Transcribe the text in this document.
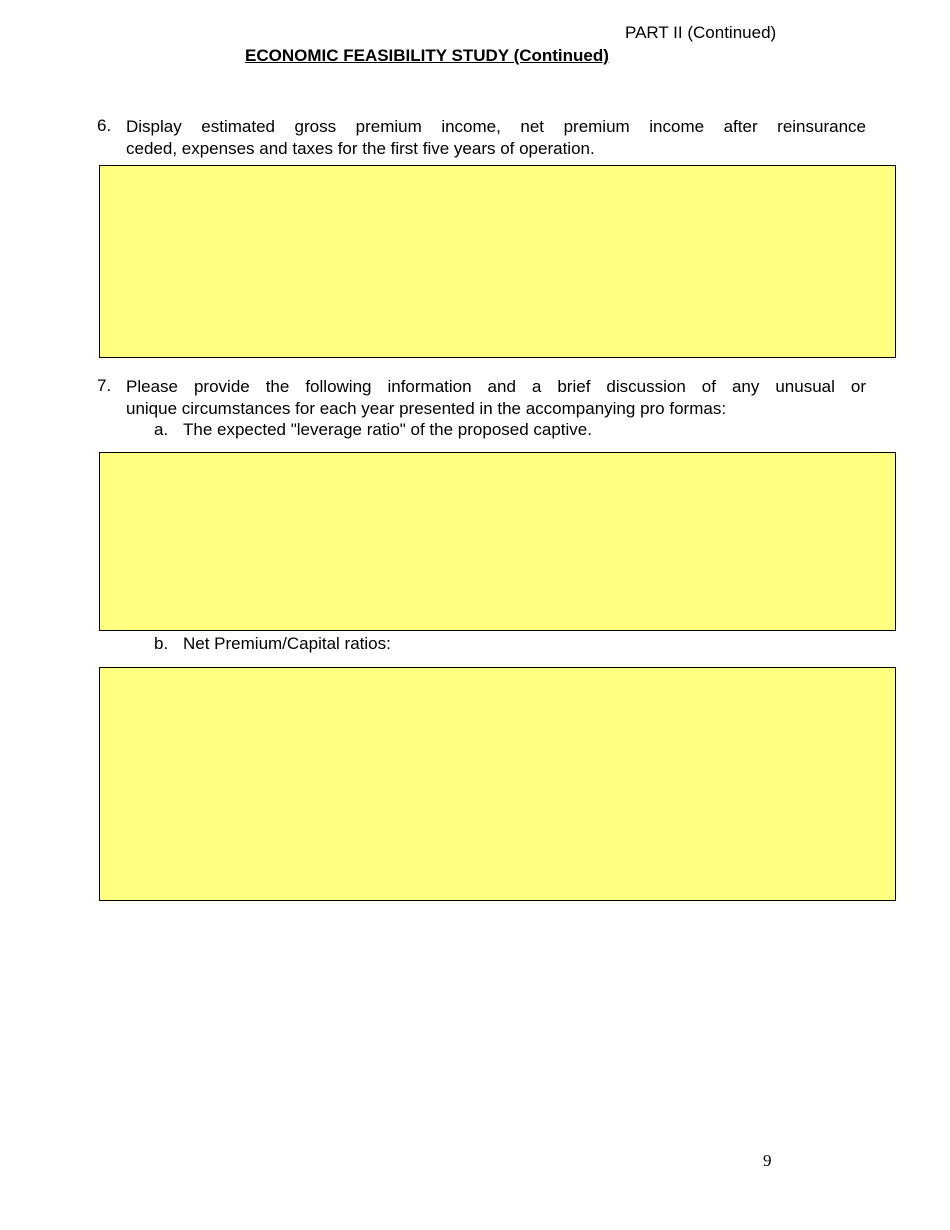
PART II (Continued)
ECONOMIC FEASIBILITY STUDY (Continued)
6. Display estimated gross premium income, net premium income after reinsurance
ceded, expenses and taxes for the first five years of operation.
7. Please provide the following information and a brief discussion of any unusual or
unique circumstances for each year presented in the accompanying pro formas:
a. The expected "leverage ratio" of the proposed captive.
b. Net Premium/Capital ratios:
9
